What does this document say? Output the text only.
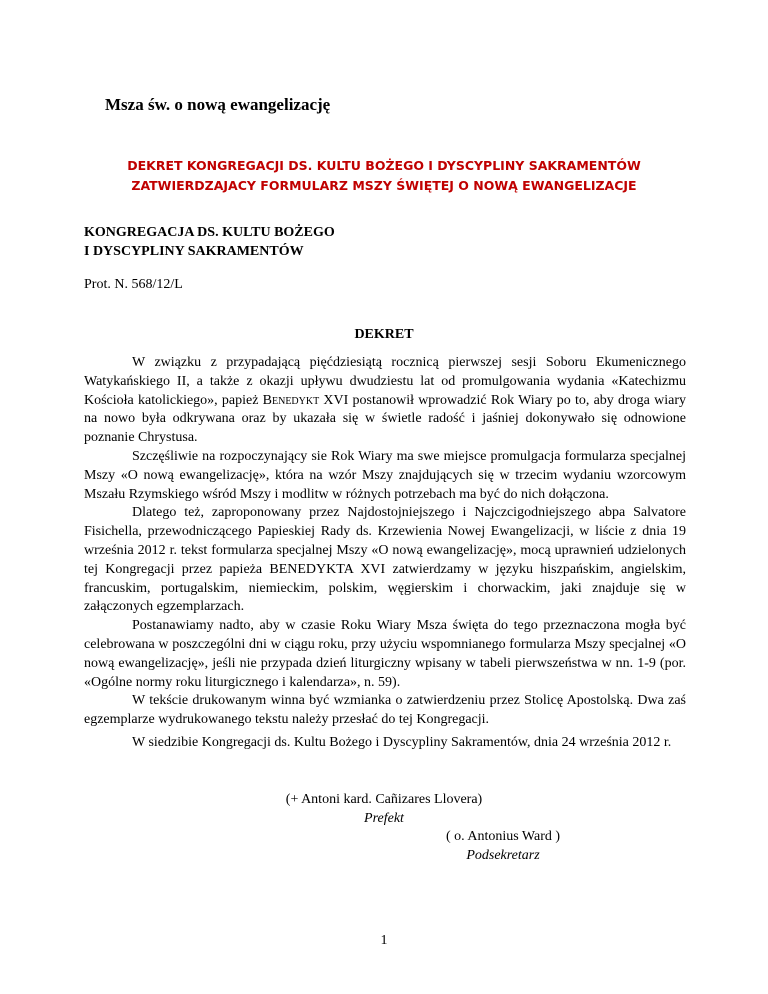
Msza św. o nową ewangelizację
DEKRET KONGREGACJI DS. KULTU BOŻEGO I DYSCYPLINY SAKRAMENTÓW
ZATWIERDZAJACY FORMULARZ MSZY ŚWIĘTEJ O NOWĄ EWANGELIZACJE
KONGREGACJA DS. KULTU BOŻEGO
I DYSCYPLINY SAKRAMENTÓW
Prot. N. 568/12/L
DEKRET

W związku z przypadającą pięćdziesiątą rocznicą pierwszej sesji Soboru Ekumenicznego Watykańskiego II, a także z okazji upływu dwudziestu lat od promulgowania wydania «Katechizmu Kościoła katolickiego», papież Benedykt XVI postanowił wprowadzić Rok Wiary po to, aby droga wiary na nowo była odkrywana oraz by ukazała się w świetle radość i jaśniej dokonywało się odnowione poznanie Chrystusa.

Szczęśliwie na rozpoczynający sie Rok Wiary ma swe miejsce promulgacja formularza specjalnej Mszy «O nową ewangelizację», która na wzór Mszy znajdujących się w trzecim wydaniu wzorcowym Mszału Rzymskiego wśród Mszy i modlitw w różnych potrzebach ma być do nich dołączona.

Dlatego też, zaproponowany przez Najdostojniejszego i Najczcigodniejszego abpa Salvatore Fisichella, przewodniczącego Papieskiej Rady ds. Krzewienia Nowej Ewangelizacji, w liście z dnia 19 września 2012 r. tekst formularza specjalnej Mszy «O nową ewangelizację», mocą uprawnień udzielonych tej Kongregacji przez papieża BENEDYKTA XVI zatwierdzamy w języku hiszpańskim, angielskim, francuskim, portugalskim, niemieckim, polskim, węgierskim i chorwackim, jaki znajduje się w załączonych egzemplarzach.

Postanawiamy nadto, aby w czasie Roku Wiary Msza święta do tego przeznaczona mogła być celebrowana w poszczególni dni w ciągu roku, przy użyciu wspomnianego formularza Mszy specjalnej «O nową ewangelizację», jeśli nie przypada dzień liturgiczny wpisany w tabeli pierwszeństwa w nn. 1-9 (por. «Ogólne normy roku liturgicznego i kalendarza», n. 59).

W tekście drukowanym winna być wzmianka o zatwierdzeniu przez Stolicę Apostolską. Dwa zaś egzemplarze wydrukowanego tekstu należy przesłać do tej Kongregacji.

W siedzibie Kongregacji ds. Kultu Bożego i Dyscypliny Sakramentów, dnia 24 września 2012 r.

(+ Antoni kard. Cañizares Llovera)
Prefekt
( o. Antonius Ward )
Podsekretarz
1
